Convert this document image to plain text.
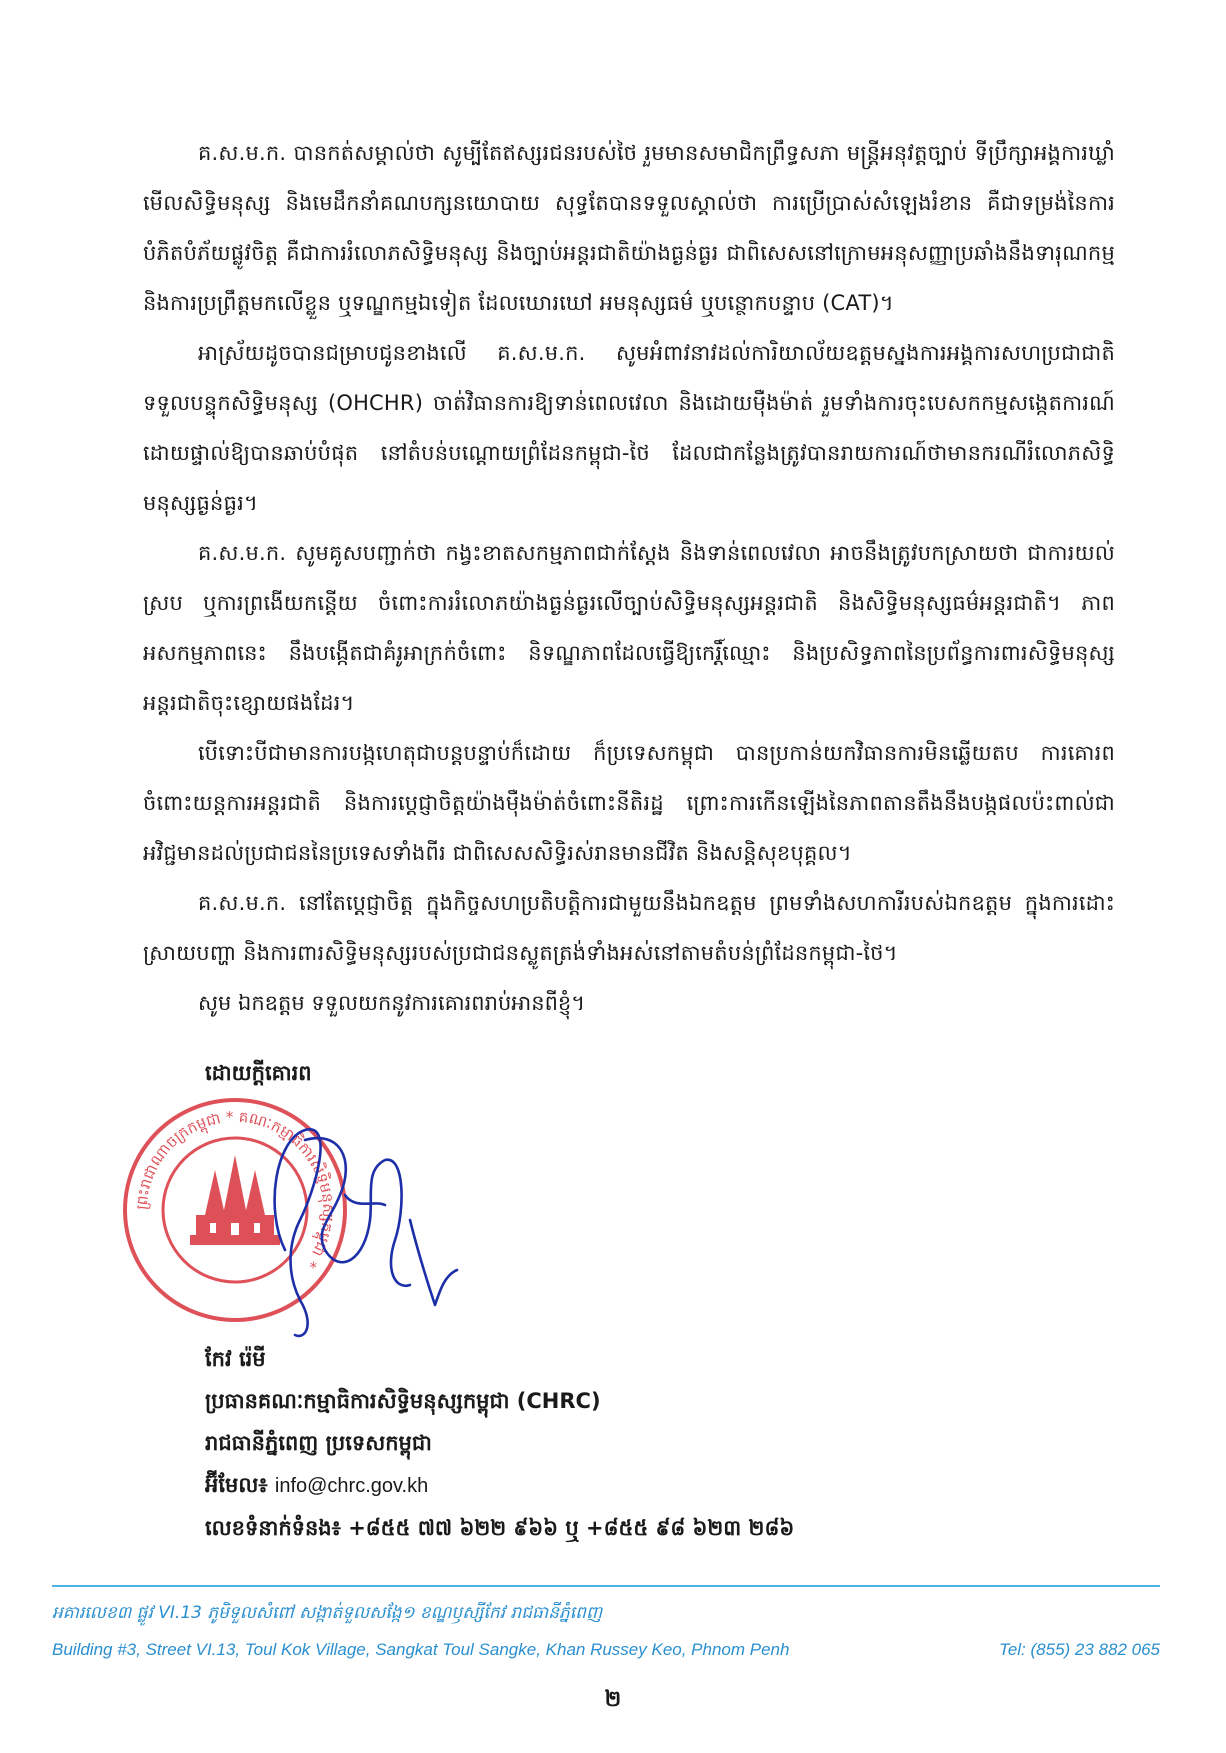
គ.ស.ម.ក. បានកត់សម្គាល់ថា សូម្បីតែឥស្សរជនរបស់ថៃ រួមមានសមាជិកព្រឹទ្ធសភា មន្ត្រីអនុវត្តច្បាប់ ទីប្រឹក្សាអង្គការឃ្លាំមើលសិទ្ធិមនុស្ស និងមេដឹកនាំគណបក្សនយោបាយ សុទ្ធតែបានទទួលស្គាល់ថា ការប្រើប្រាស់សំឡេងរំខាន គឺជាទម្រង់នៃការបំភិតបំភ័យផ្លូវចិត្ត គឺជាការរំលោភសិទ្ធិមនុស្ស និងច្បាប់អន្តរជាតិយ៉ាងធ្ងន់ធ្ងរ ជាពិសេសនៅក្រោមអនុសញ្ញាប្រឆាំងនឹងទារុណកម្ម និងការប្រព្រឹត្តមកលើខ្លួន ឬទណ្ឌកម្មឯទៀត ដែលឃោរឃៅ អមនុស្សធម៌ ឬបន្ថោកបន្ទាប (CAT)។

អាស្រ័យដូចបានជម្រាបជូនខាងលើ គ.ស.ម.ក. សូមអំពាវនាវដល់ការិយាល័យឧត្តមស្នងការអង្គការសហប្រជាជាតិទទួលបន្ទុកសិទ្ធិមនុស្ស (OHCHR) ចាត់វិធានការឱ្យទាន់ពេលវេលា និងដោយម៉ឺងម៉ាត់ រួមទាំងការចុះបេសកកម្មសង្កេតការណ៍ដោយផ្ទាល់ឱ្យបានឆាប់បំផុត នៅតំបន់បណ្តោយព្រំដែនកម្ពុជា-ថៃ ដែលជាកន្លែងត្រូវបានរាយការណ៍ថាមានករណីរំលោភសិទ្ធិមនុស្សធ្ងន់ធ្ងរ។

គ.ស.ម.ក. សូមគូសបញ្ជាក់ថា កង្វះខាតសកម្មភាពជាក់ស្តែង និងទាន់ពេលវេលា អាចនឹងត្រូវបកស្រាយថា ជាការយល់ស្រប ឬការព្រងើយកន្តើយ ចំពោះការរំលោភយ៉ាងធ្ងន់ធ្ងរលើច្បាប់សិទ្ធិមនុស្សអន្តរជាតិ និងសិទ្ធិមនុស្សធម៌អន្តរជាតិ។ ភាពអសកម្មភាពនេះ នឹងបង្កើតជាគំរូអាក្រក់ចំពោះ និទណ្ឌភាពដែលធ្វើឱ្យកេរ្តិ៍ឈ្មោះ និងប្រសិទ្ធភាពនៃប្រព័ន្ធការពារសិទ្ធិមនុស្សអន្តរជាតិចុះខ្សោយផងដែរ។

បើទោះបីជាមានការបង្កហេតុជាបន្តបន្ទាប់ក៏ដោយ ក៏ប្រទេសកម្ពុជា បានប្រកាន់យកវិធានការមិនឆ្លើយតប ការគោរពចំពោះយន្តការអន្តរជាតិ និងការប្តេជ្ញាចិត្តយ៉ាងម៉ឺងម៉ាត់ចំពោះនីតិរដ្ឋ ព្រោះការកើនឡើងនៃភាពតានតឹងនឹងបង្កផលប៉ះពាល់ជាអវិជ្ជមានដល់ប្រជាជននៃប្រទេសទាំងពីរ ជាពិសេសសិទ្ធិរស់រានមានជីវិត និងសន្តិសុខបុគ្គល។

គ.ស.ម.ក. នៅតែប្តេជ្ញាចិត្ត ក្នុងកិច្ចសហប្រតិបត្តិការជាមួយនឹងឯកឧត្តម ព្រមទាំងសហការីរបស់ឯកឧត្តម ក្នុងការដោះស្រាយបញ្ហា និងការពារសិទ្ធិមនុស្សរបស់ប្រជាជនស្លូតត្រង់ទាំងអស់នៅតាមតំបន់ព្រំដែនកម្ពុជា-ថៃ។

សូម ឯកឧត្តម ទទួលយកនូវការគោរពរាប់អានពីខ្ញុំ។

ដោយក្តីគោរព
ព្រះរាជាណាចក្រកម្ពុជា * គណៈកម្មាធិការសិទ្ធិមនុស្សកម្ពុជា *
កែវ រ៉េមី
ប្រធានគណៈកម្មាធិការសិទ្ធិមនុស្សកម្ពុជា (CHRC)
រាជធានីភ្នំពេញ ប្រទេសកម្ពុជា
អ៊ីមែល៖ info@chrc.gov.kh
លេខទំនាក់ទំនង៖ +៨៥៥ ៧៧ ៦២២ ៩៦៦ ឬ +៨៥៥ ៩៨ ៦២៣ ២៨៦
អគារលេខ៣ ផ្លូវ VI.13 ភូមិទួលសំពៅ សង្កាត់ទួលសង្កែ១ ខណ្ឌឫស្សីកែវ រាជធានីភ្នំពេញ
Building #3, Street VI.13, Toul Kok Village, Sangkat Toul Sangke, Khan Russey Keo, Phnom Penh	Tel: (855) 23 882 065
២
